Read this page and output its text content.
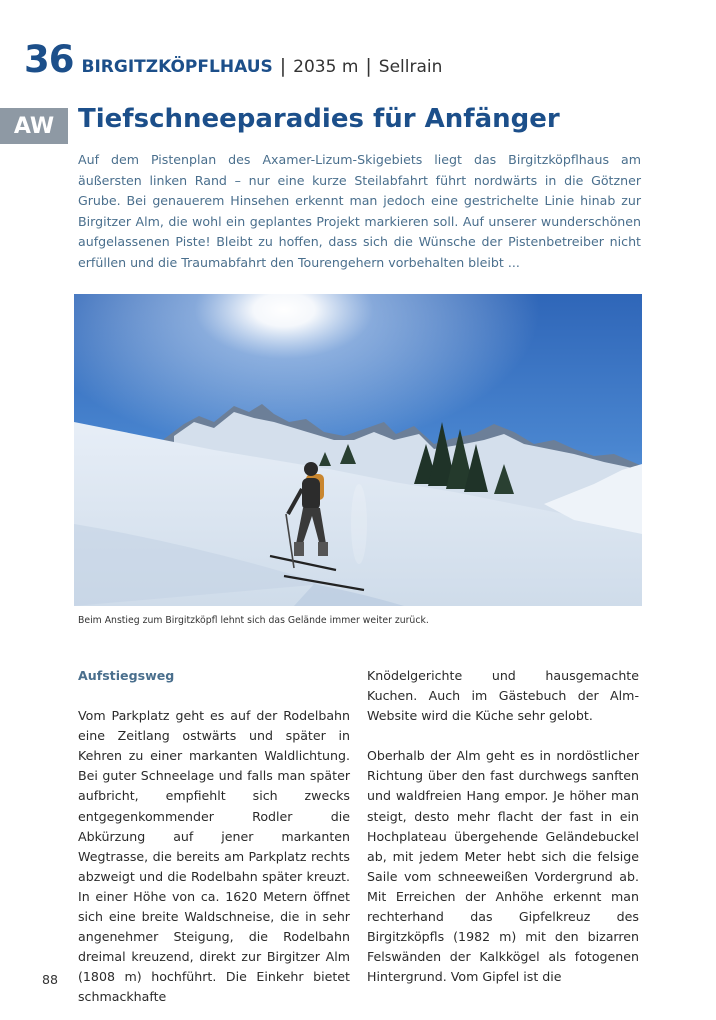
36 BIRGITZKÖPFLHAUS | 2035 m | Sellrain
AW Tiefschneeparadies für Anfänger

Auf dem Pistenplan des Axamer-Lizum-Skigebiets liegt das Birgitzköpflhaus am äußersten linken Rand – nur eine kurze Steilabfahrt führt nordwärts in die Götzner Grube. Bei genauerem Hinsehen erkennt man jedoch eine gestrichelte Linie hinab zur Birgitzer Alm, die wohl ein geplantes Projekt markieren soll. Auf unserer wunderschönen aufgelassenen Piste! Bleibt zu hoffen, dass sich die Wünsche der Pistenbetreiber nicht erfüllen und die Traumabfahrt den Tourengehern vorbehalten bleibt ...

Beim Anstieg zum Birgitzköpfl lehnt sich das Gelände immer weiter zurück.

Aufstiegsweg

Vom Parkplatz geht es auf der Rodelbahn eine Zeitlang ostwärts und später in Kehren zu einer markanten Waldlichtung. Bei guter Schneelage und falls man später aufbricht, empfiehlt sich zwecks entgegenkommender Rodler die Abkürzung auf jener markanten Wegtrasse, die bereits am Parkplatz rechts abzweigt und die Rodelbahn später kreuzt. In einer Höhe von ca. 1620 Metern öffnet sich eine breite Waldschneise, die in sehr angenehmer Steigung, die Rodelbahn dreimal kreuzend, direkt zur Birgitzer Alm (1808 m) hochführt. Die Einkehr bietet schmackhafte

Knödelgerichte und hausgemachte Kuchen. Auch im Gästebuch der Alm-Website wird die Küche sehr gelobt.

Oberhalb der Alm geht es in nordöstlicher Richtung über den fast durchwegs sanften und waldfreien Hang empor. Je höher man steigt, desto mehr flacht der fast in ein Hochplateau übergehende Geländebuckel ab, mit jedem Meter hebt sich die felsige Saile vom schneeweißen Vordergrund ab. Mit Erreichen der Anhöhe erkennt man rechterhand das Gipfelkreuz des Birgitzköpfls (1982 m) mit den bizarren Felswänden der Kalkkögel als fotogenen Hintergrund. Vom Gipfel ist die

88
